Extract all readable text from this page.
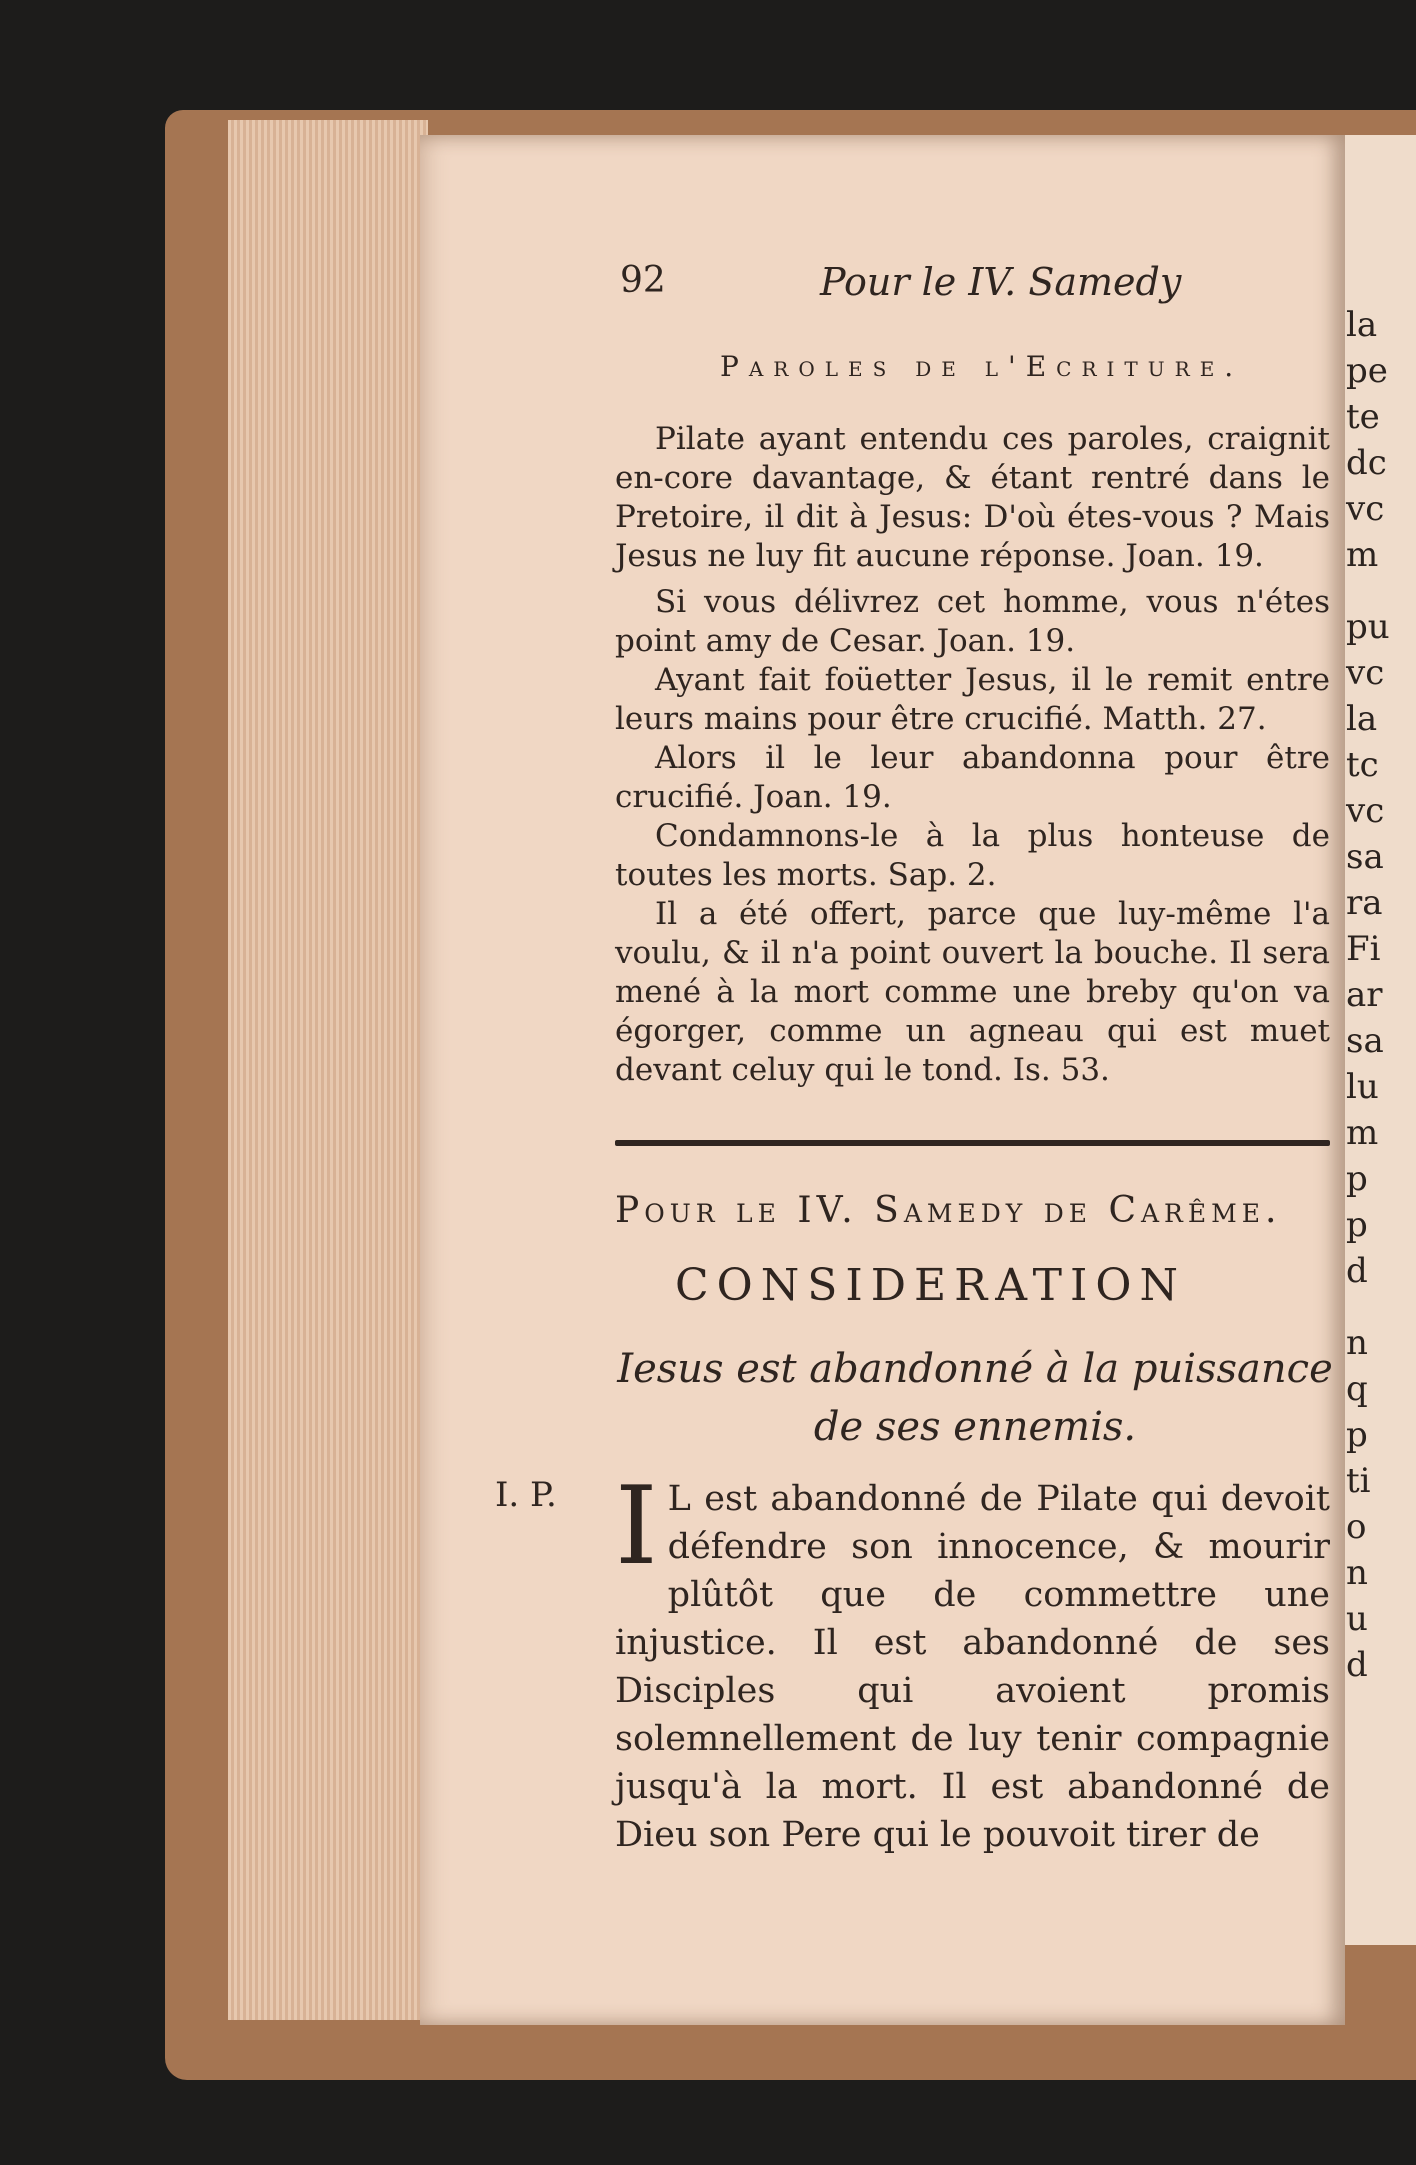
la
pe
te
dc
vc
m
pu
vc
la
tc
vc
sa
ra
Fi
ar
sa
lu
m
p
p
d
n
q
p
ti
o
n
u
d
92	Pour le IV. Samedy
Paroles de l'Ecriture.

Pilate ayant entendu ces paroles, craignit en-core davantage, & étant rentré dans le Pretoire, il dit à Jesus: D'où étes-vous ? Mais Jesus ne luy fit aucune réponse. Joan. 19.

Si vous délivrez cet homme, vous n'étes point amy de Cesar. Joan. 19.

Ayant fait foüetter Jesus, il le remit entre leurs mains pour être crucifié. Matth. 27.

Alors il le leur abandonna pour être crucifié. Joan. 19.

Condamnons-le à la plus honteuse de toutes les morts. Sap. 2.

Il a été offert, parce que luy-même l'a voulu, & il n'a point ouvert la bouche. Il sera mené à la mort comme une breby qu'on va égorger, comme un agneau qui est muet devant celuy qui le tond. Is. 53.

Pour le IV. Samedy de Carême.
CONSIDERATION
Iesus est abandonné à la puissance de ses ennemis.
I. P. I L est abandonné de Pilate qui devoit défendre son innocence, & mourir plûtôt que de commettre une injustice. Il est abandonné de ses Disciples qui avoient promis solemnellement de luy tenir compagnie jusqu'à la mort. Il est abandonné de Dieu son Pere qui le pouvoit tirer de
